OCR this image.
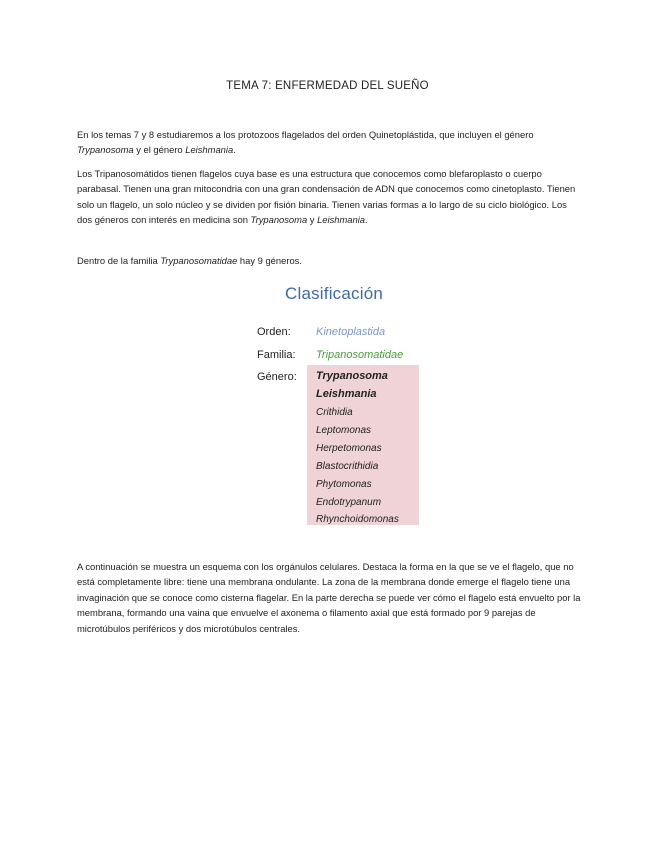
TEMA 7: ENFERMEDAD DEL SUEÑO
En los temas 7 y 8 estudiaremos a los protozoos flagelados del orden Quinetoplástida, que incluyen el género Trypanosoma y el género Leishmania.
Los Tripanosomátidos tienen flagelos cuya base es una estructura que conocemos como blefaroplasto o cuerpo parabasal. Tienen una gran mitocondria con una gran condensación de ADN que conocemos como cinetoplasto. Tienen solo un flagelo, un solo núcleo y se dividen por fisión binaria. Tienen varias formas a lo largo de su ciclo biológico. Los dos géneros con interés en medicina son Trypanosoma y Leishmania.
Dentro de la familia Trypanosomatidae hay 9 géneros.
Clasificación
Orden: Kinetoplastida
Familia: Tripanosomatidae
Género: Trypanosoma
Leishmania
Crithidia
Leptomonas
Herpetomonas
Blastocrithidia
Phytomonas
Endotrypanum
Rhynchoidomonas
A continuación se muestra un esquema con los orgánulos celulares. Destaca la forma en la que se ve el flagelo, que no está completamente libre: tiene una membrana ondulante. La zona de la membrana donde emerge el flagelo tiene una invaginación que se conoce como cisterna flagelar. En la parte derecha se puede ver cómo el flagelo está envuelto por la membrana, formando una vaina que envuelve el axonema o filamento axial que está formado por 9 parejas de microtúbulos periféricos y dos microtúbulos centrales.
